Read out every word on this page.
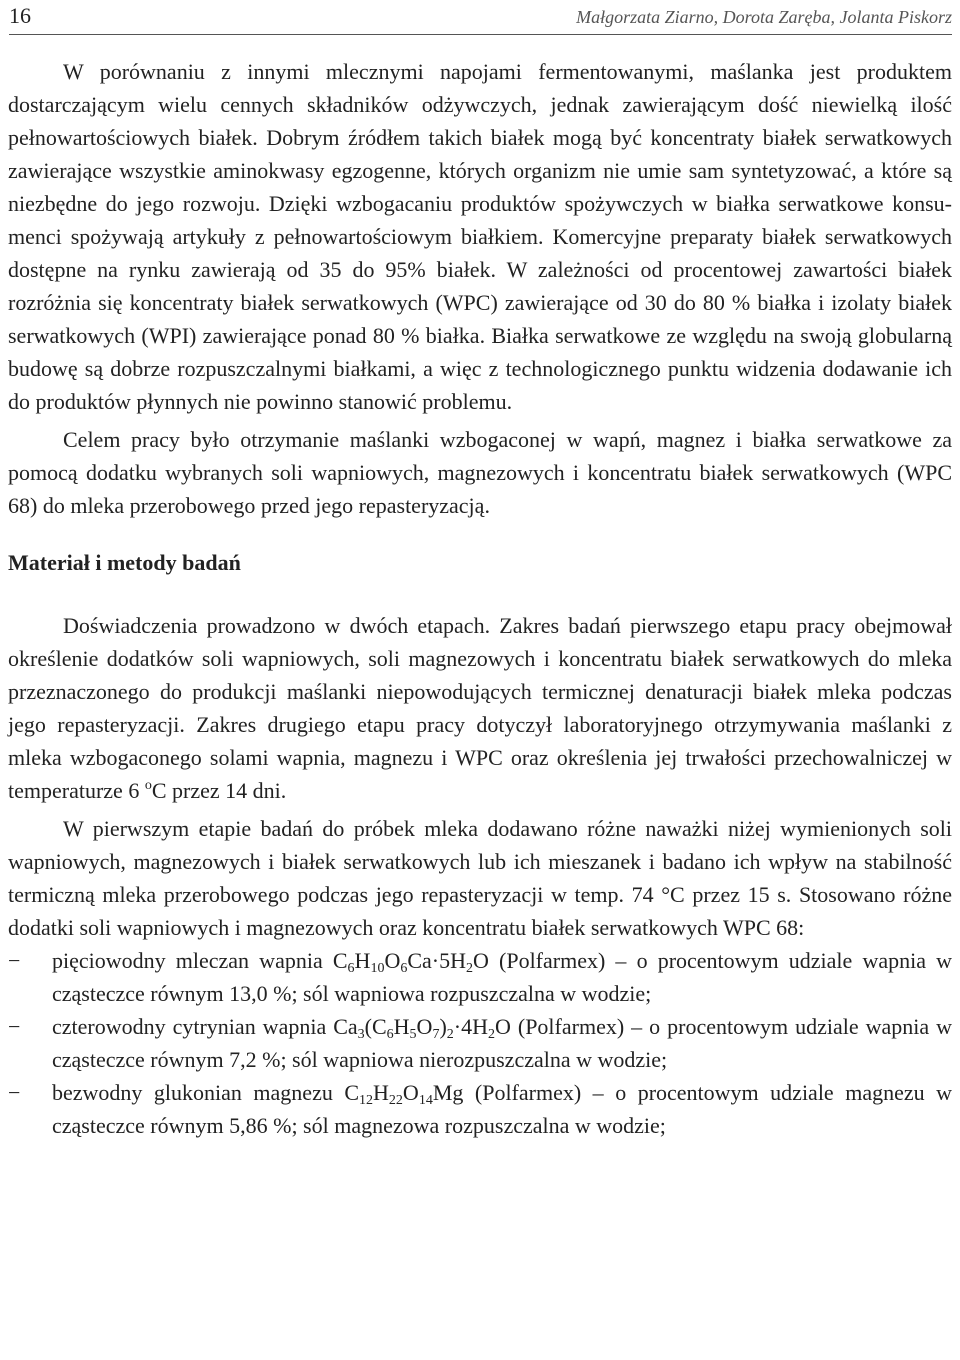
16	Małgorzata Ziarno, Dorota Zaręba, Jolanta Piskorz

W porównaniu z innymi mlecznymi napojami fermentowanymi, maślanka jest produktem dostarczającym wielu cennych składników odżywczych, jednak zawierającym dość niewielką ilość pełnowartościowych białek. Dobrym źródłem takich białek mogą być koncentraty białek serwatkowych zawierające wszystkie aminokwasy egzogenne, których organizm nie umie sam syntetyzować, a które są niezbędne do jego rozwoju. Dzięki wzbogacaniu produktów spożywczych w białka serwatkowe konsumenci spożywają artykuły z pełnowartościowym białkiem. Komercyjne preparaty białek serwatkowych dostępne na rynku zawierają od 35 do 95% białek. W zależności od procentowej zawartości białek rozróżnia się koncentraty białek serwatkowych (WPC) zawierające od 30 do 80 % białka i izolaty białek serwatkowych (WPI) zawierające ponad 80 % białka. Białka serwatkowe ze względu na swoją globularną budowę są dobrze rozpuszczalnymi białkami, a więc z technologicznego punktu widzenia dodawanie ich do produktów płynnych nie powinno stanowić problemu.

Celem pracy było otrzymanie maślanki wzbogaconej w wapń, magnez i białka serwatkowe za pomocą dodatku wybranych soli wapniowych, magnezowych i koncentratu białek serwatkowych (WPC 68) do mleka przerobowego przed jego repasteryzacją.

Materiał i metody badań

Doświadczenia prowadzono w dwóch etapach. Zakres badań pierwszego etapu pracy obejmował określenie dodatków soli wapniowych, soli magnezowych i koncentratu białek serwatkowych do mleka przeznaczonego do produkcji maślanki niepowodujących termicznej denaturacji białek mleka podczas jego repasteryzacji. Zakres drugiego etapu pracy dotyczył laboratoryjnego otrzymywania maślanki z mleka wzbogaconego solami wapnia, magnezu i WPC oraz określenia jej trwałości przechowalniczej w temperaturze 6 $^o$C przez 14 dni.

W pierwszym etapie badań do próbek mleka dodawano różne naważki niżej wymienionych soli wapniowych, magnezowych i białek serwatkowych lub ich mieszanek i badano ich wpływ na stabilność termiczną mleka przerobowego podczas jego repasteryzacji w temp. 74 °C przez 15 s. Stosowano różne dodatki soli wapniowych i magnezowych oraz koncentratu białek serwatkowych WPC 68:

− pięciowodny mleczan wapnia $C_6H_{10}O_6Ca\cdot 5H_2O$ (Polfarmex) – o procentowym udziale wapnia w cząsteczce równym 13,0 %; sól wapniowa rozpuszczalna w wodzie;
− czterowodny cytrynian wapnia $Ca_3(C_6H_5O_7)_2\cdot 4H_2O$ (Polfarmex) – o procentowym udziale wapnia w cząsteczce równym 7,2 %; sól wapniowa nierozpuszczalna w wodzie;
− bezwodny glukonian magnezu $C_{12}H_{22}O_{14}Mg$ (Polfarmex) – o procentowym udziale magnezu w cząsteczce równym 5,86 %; sól magnezowa rozpuszczalna w wodzie;
